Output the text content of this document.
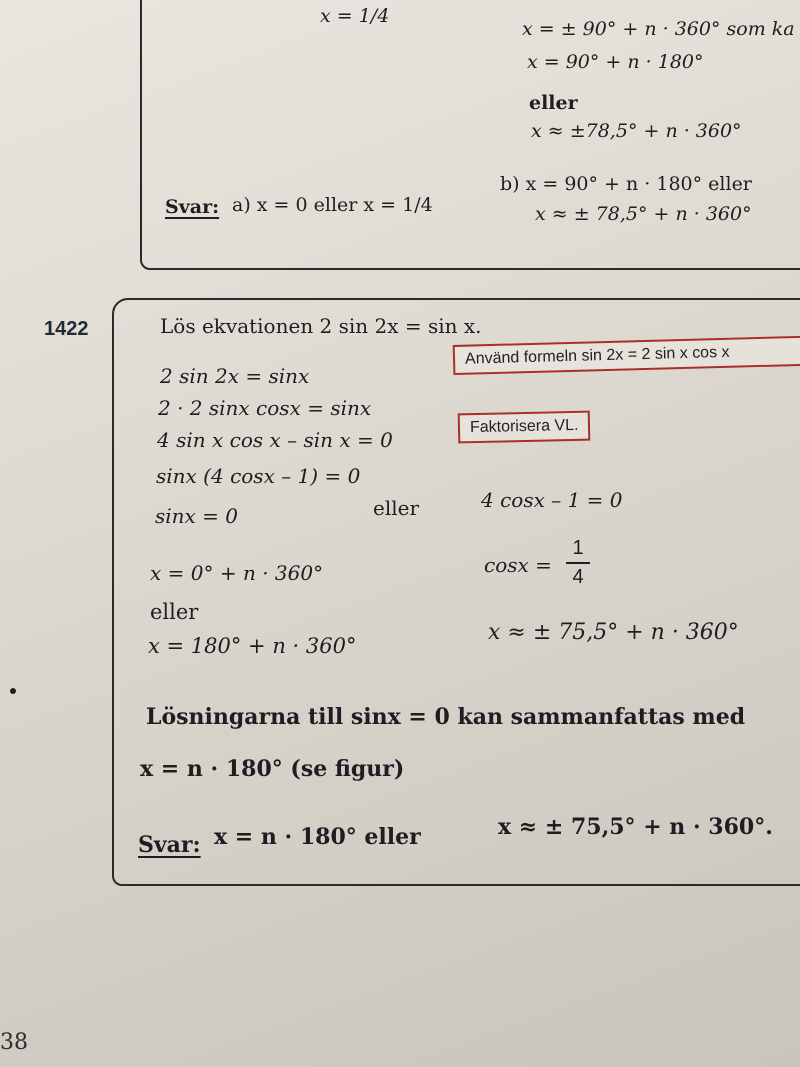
x = 1/4
x = ± 90° + n · 360° som ka
x = 90° + n · 180°
eller
x ≈ ±78,5° + n · 360°
Svar: a) x = 0 eller x = 1/4
b) x = 90° + n · 180° eller
x ≈ ± 78,5° + n · 360°
1422	Lös ekvationen 2 sin 2x = sin x.
Använd formeln sin 2x = 2 sin x cos x
Faktorisera VL.
2 sin 2x = sinx
2 · 2 sinx cosx = sinx
4 sin x cos x – sin x = 0
sinx (4 cosx – 1) = 0
sinx = 0	eller	4 cosx – 1 = 0
x = 0° + n · 360°
eller
x = 180° + n · 360°
cosx =
1
4
x ≈ ± 75,5° + n · 360°
Lösningarna till sinx = 0 kan sammanfattas med
x = n · 180° (se figur)
Svar: x = n · 180° eller	x ≈ ± 75,5° + n · 360°.
38
